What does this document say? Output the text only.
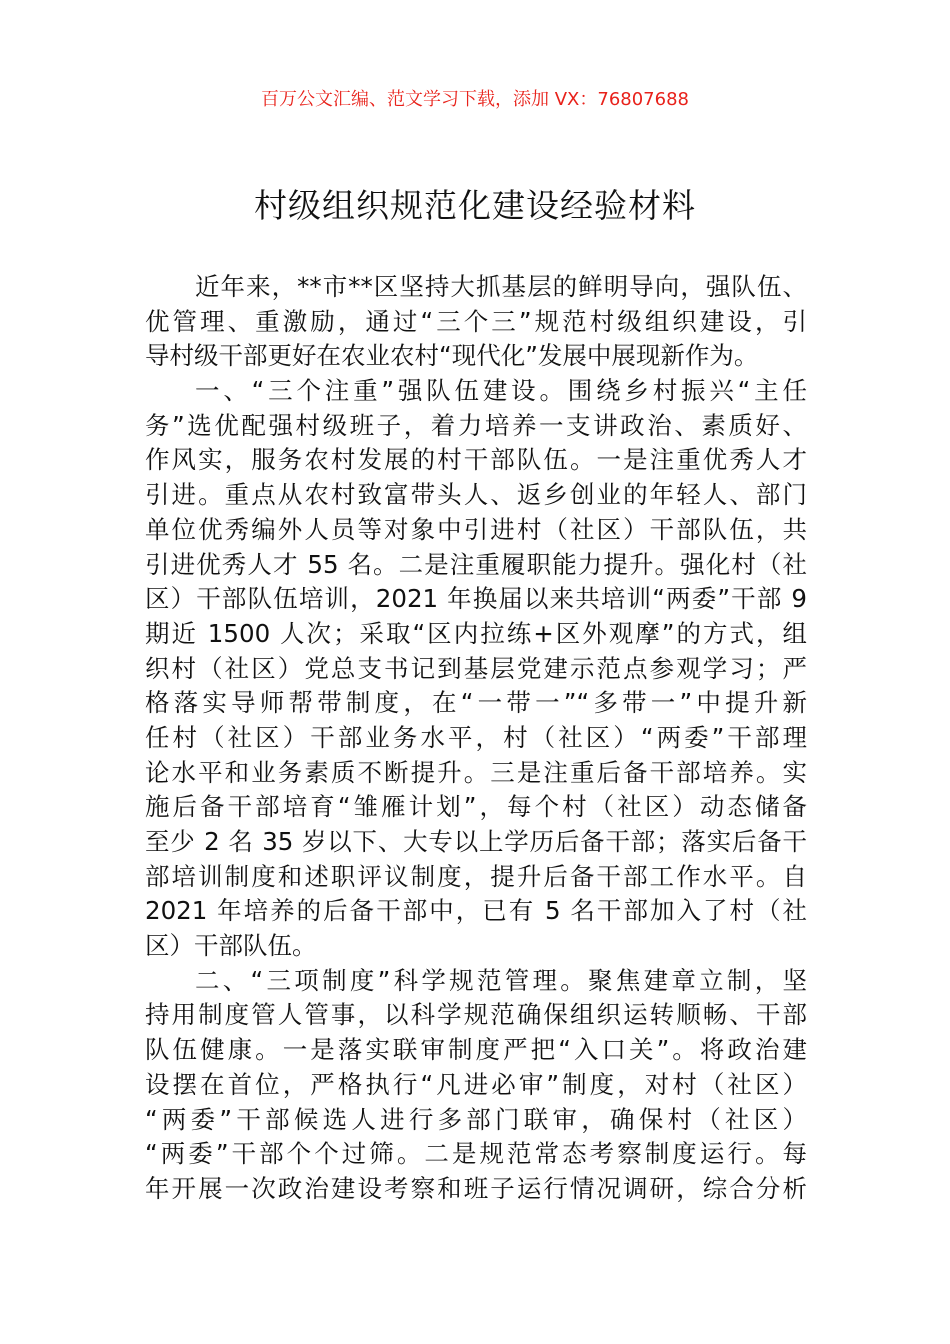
百万公文汇编、范文学习下载，添加 VX：76807688
村级组织规范化建设经验材料
近年来，**市**区坚持大抓基层的鲜明导向，强队伍、
优管理、重激励，通过“三个三”规范村级组织建设，引
导村级干部更好在农业农村“现代化”发展中展现新作为。
一、“三个注重”强队伍建设。围绕乡村振兴“主任
务”选优配强村级班子，着力培养一支讲政治、素质好、
作风实，服务农村发展的村干部队伍。一是注重优秀人才
引进。重点从农村致富带头人、返乡创业的年轻人、部门
单位优秀编外人员等对象中引进村（社区）干部队伍，共
引进优秀人才 55 名。二是注重履职能力提升。强化村（社
区）干部队伍培训，2021 年换届以来共培训“两委”干部 9
期近 1500 人次；采取“区内拉练+区外观摩”的方式，组
织村（社区）党总支书记到基层党建示范点参观学习；严
格落实导师帮带制度，在“一带一”“多带一”中提升新
任村（社区）干部业务水平，村（社区）“两委”干部理
论水平和业务素质不断提升。三是注重后备干部培养。实
施后备干部培育“雏雁计划”，每个村（社区）动态储备
至少 2 名 35 岁以下、大专以上学历后备干部；落实后备干
部培训制度和述职评议制度，提升后备干部工作水平。自
2021 年培养的后备干部中，已有 5 名干部加入了村（社
区）干部队伍。
二、“三项制度”科学规范管理。聚焦建章立制，坚
持用制度管人管事，以科学规范确保组织运转顺畅、干部
队伍健康。一是落实联审制度严把“入口关”。将政治建
设摆在首位，严格执行“凡进必审”制度，对村（社区）
“两委”干部候选人进行多部门联审，确保村（社区）
“两委”干部个个过筛。二是规范常态考察制度运行。每
年开展一次政治建设考察和班子运行情况调研，综合分析
